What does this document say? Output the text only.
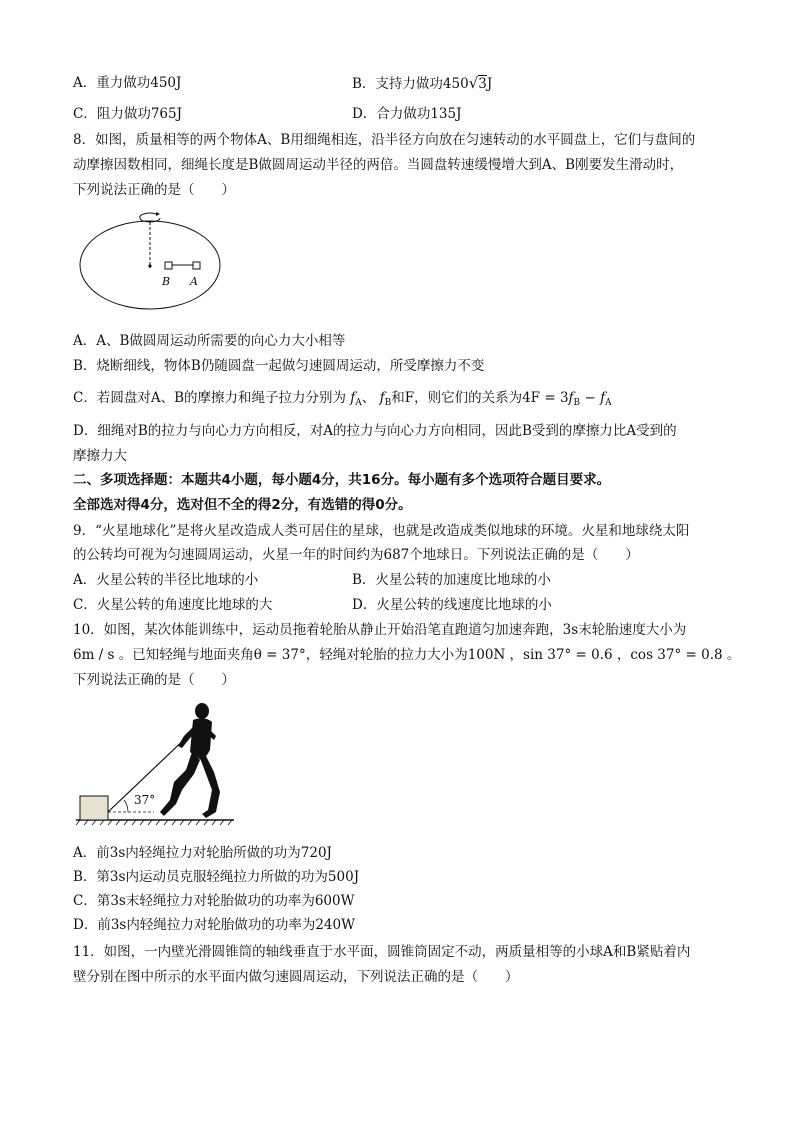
A．重力做功450J	B．支持力做功450√3J
C．阻力做功765J	D．合力做功135J
8．如图，质量相等的两个物体A、B用细绳相连，沿半径方向放在匀速转动的水平圆盘上，它们与盘间的
动摩擦因数相同，细绳长度是B做圆周运动半径的两倍。当圆盘转速缓慢增大到A、B刚要发生滑动时，
下列说法正确的是（　　）
B A
A．A、B做圆周运动所需要的向心力大小相等
B．烧断细线，物体B仍随圆盘一起做匀速圆周运动，所受摩擦力不变
C．若圆盘对A、B的摩擦力和绳子拉力分别为 $f_A$、 $f_B$和F，则它们的关系为$4F = 3f_B - f_A$
D．细绳对B的拉力与向心力方向相反，对A的拉力与向心力方向相同，因此B受到的摩擦力比A受到的
摩擦力大
二、多项选择题：本题共4小题，每小题4分，共16分。每小题有多个选项符合题目要求。
全部选对得4分，选对但不全的得2分，有选错的得0分。
9．“火星地球化”是将火星改造成人类可居住的星球，也就是改造成类似地球的环境。火星和地球绕太阳
的公转均可视为匀速圆周运动，火星一年的时间约为687个地球日。下列说法正确的是（　　）
A．火星公转的半径比地球的小	B．火星公转的加速度比地球的小
C．火星公转的角速度比地球的大	D．火星公转的线速度比地球的小
10．如图，某次体能训练中，运动员拖着轮胎从静止开始沿笔直跑道匀加速奔跑，3s末轮胎速度大小为
6m / s 。已知轻绳与地面夹角θ = 37°，轻绳对轮胎的拉力大小为100N ，sin 37° = 0.6 ，cos 37° = 0.8 。
下列说法正确的是（　　）
37°
A．前3s内轻绳拉力对轮胎所做的功为720J
B．第3s内运动员克服轻绳拉力所做的功为500J
C．第3s末轻绳拉力对轮胎做功的功率为600W
D．前3s内轻绳拉力对轮胎做功的功率为240W
11．如图，一内壁光滑圆锥筒的轴线垂直于水平面，圆锥筒固定不动，两质量相等的小球A和B紧贴着内
壁分别在图中所示的水平面内做匀速圆周运动，下列说法正确的是（　　）
